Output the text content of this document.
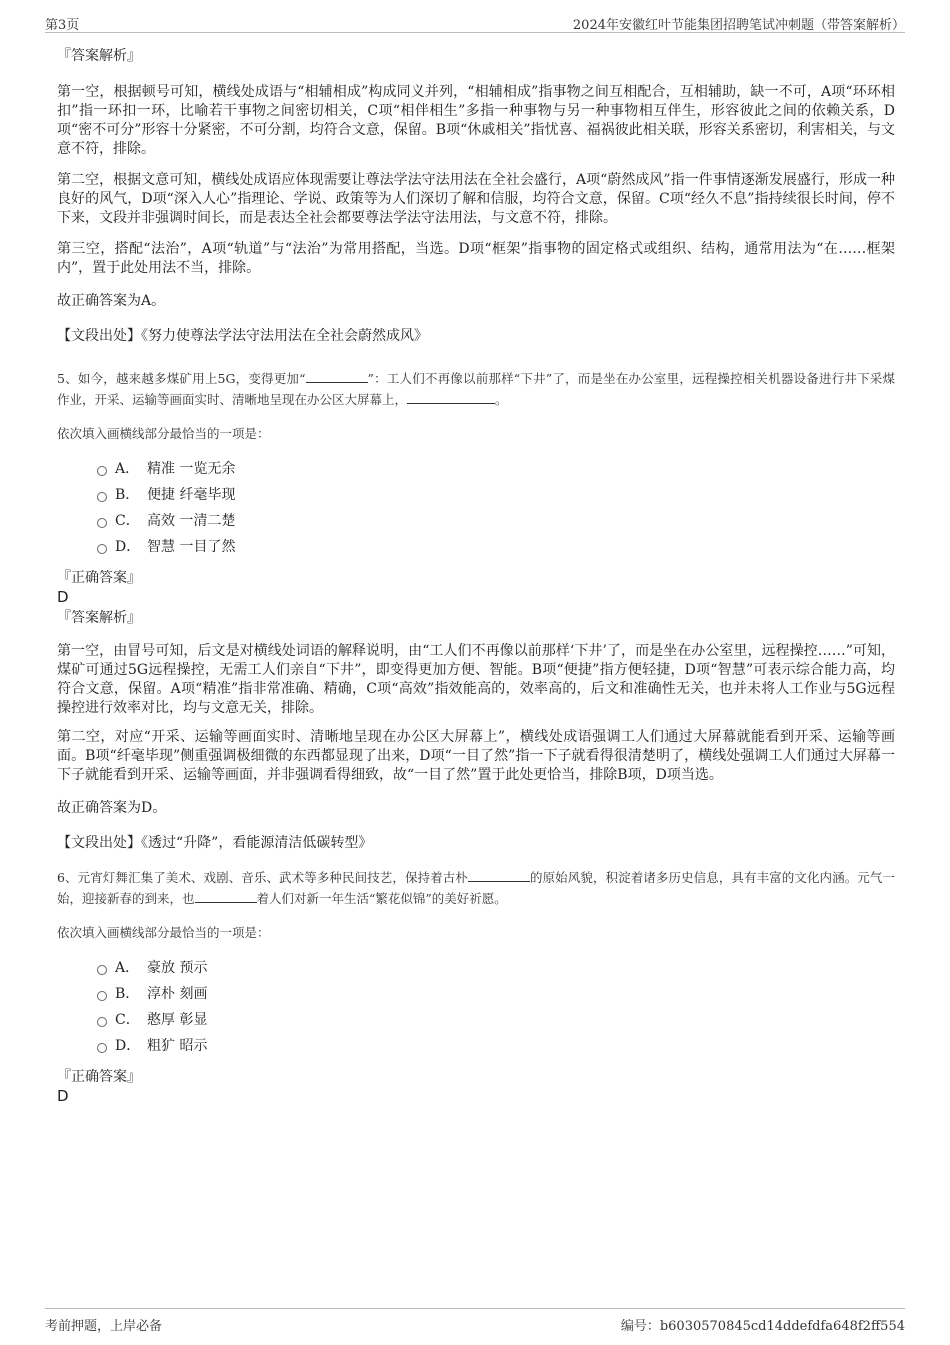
第3页	2024年安徽红叶节能集团招聘笔试冲刺题（带答案解析）

『答案解析』

第一空，根据顿号可知，横线处成语与“相辅相成”构成同义并列，“相辅相成”指事物之间互相配合，互相辅助，缺一不可，A项“环环相扣”指一环扣一环，比喻若干事物之间密切相关，C项“相伴相生”多指一种事物与另一种事物相互伴生，形容彼此之间的依赖关系，D项“密不可分”形容十分紧密，不可分割，均符合文意，保留。B项“休戚相关”指忧喜、福祸彼此相关联，形容关系密切，利害相关，与文意不符，排除。

第二空，根据文意可知，横线处成语应体现需要让尊法学法守法用法在全社会盛行，A项“蔚然成风”指一件事情逐渐发展盛行，形成一种良好的风气，D项“深入人心”指理论、学说、政策等为人们深切了解和信服，均符合文意，保留。C项“经久不息”指持续很长时间，停不下来，文段并非强调时间长，而是表达全社会都要尊法学法守法用法，与文意不符，排除。

第三空，搭配“法治”，A项“轨道”与“法治”为常用搭配，当选。D项“框架”指事物的固定格式或组织、结构，通常用法为“在……框架内”，置于此处用法不当，排除。

故正确答案为A。

【文段出处】《努力使尊法学法守法用法在全社会蔚然成风》

5、如今，越来越多煤矿用上5G，变得更加“	”：工人们不再像以前那样“下井”了，而是坐在办公室里，远程操控相关机器设备进行井下采煤作业，开采、运输等画面实时、清晰地呈现在办公区大屏幕上，	。

依次填入画横线部分最恰当的一项是：

A． 精准 一览无余
B． 便捷 纤毫毕现
C． 高效 一清二楚
D． 智慧 一目了然

『正确答案』

D

『答案解析』

第一空，由冒号可知，后文是对横线处词语的解释说明，由“工人们不再像以前那样‘下井’了，而是坐在办公室里，远程操控……”可知，煤矿可通过5G远程操控，无需工人们亲自“下井”，即变得更加方便、智能。B项“便捷”指方便轻捷，D项“智慧”可表示综合能力高，均符合文意，保留。A项“精准”指非常准确、精确，C项“高效”指效能高的，效率高的，后文和准确性无关，也并未将人工作业与5G远程操控进行效率对比，均与文意无关，排除。

第二空，对应“开采、运输等画面实时、清晰地呈现在办公区大屏幕上”，横线处成语强调工人们通过大屏幕就能看到开采、运输等画面。B项“纤毫毕现”侧重强调极细微的东西都显现了出来，D项“一目了然”指一下子就看得很清楚明了，横线处强调工人们通过大屏幕一下子就能看到开采、运输等画面，并非强调看得细致，故“一目了然”置于此处更恰当，排除B项，D项当选。

故正确答案为D。

【文段出处】《透过“升降”，看能源清洁低碳转型》

6、元宵灯舞汇集了美术、戏剧、音乐、武术等多种民间技艺，保持着古朴	的原始风貌，积淀着诸多历史信息，具有丰富的文化内涵。元气一始，迎接新春的到来，也	着人们对新一年生活“繁花似锦”的美好祈愿。

依次填入画横线部分最恰当的一项是：

A． 豪放 预示
B． 淳朴 刻画
C． 憨厚 彰显
D． 粗犷 昭示

『正确答案』

D

考前押题，上岸必备	编号：b6030570845cd14ddefdfa648f2ff554
